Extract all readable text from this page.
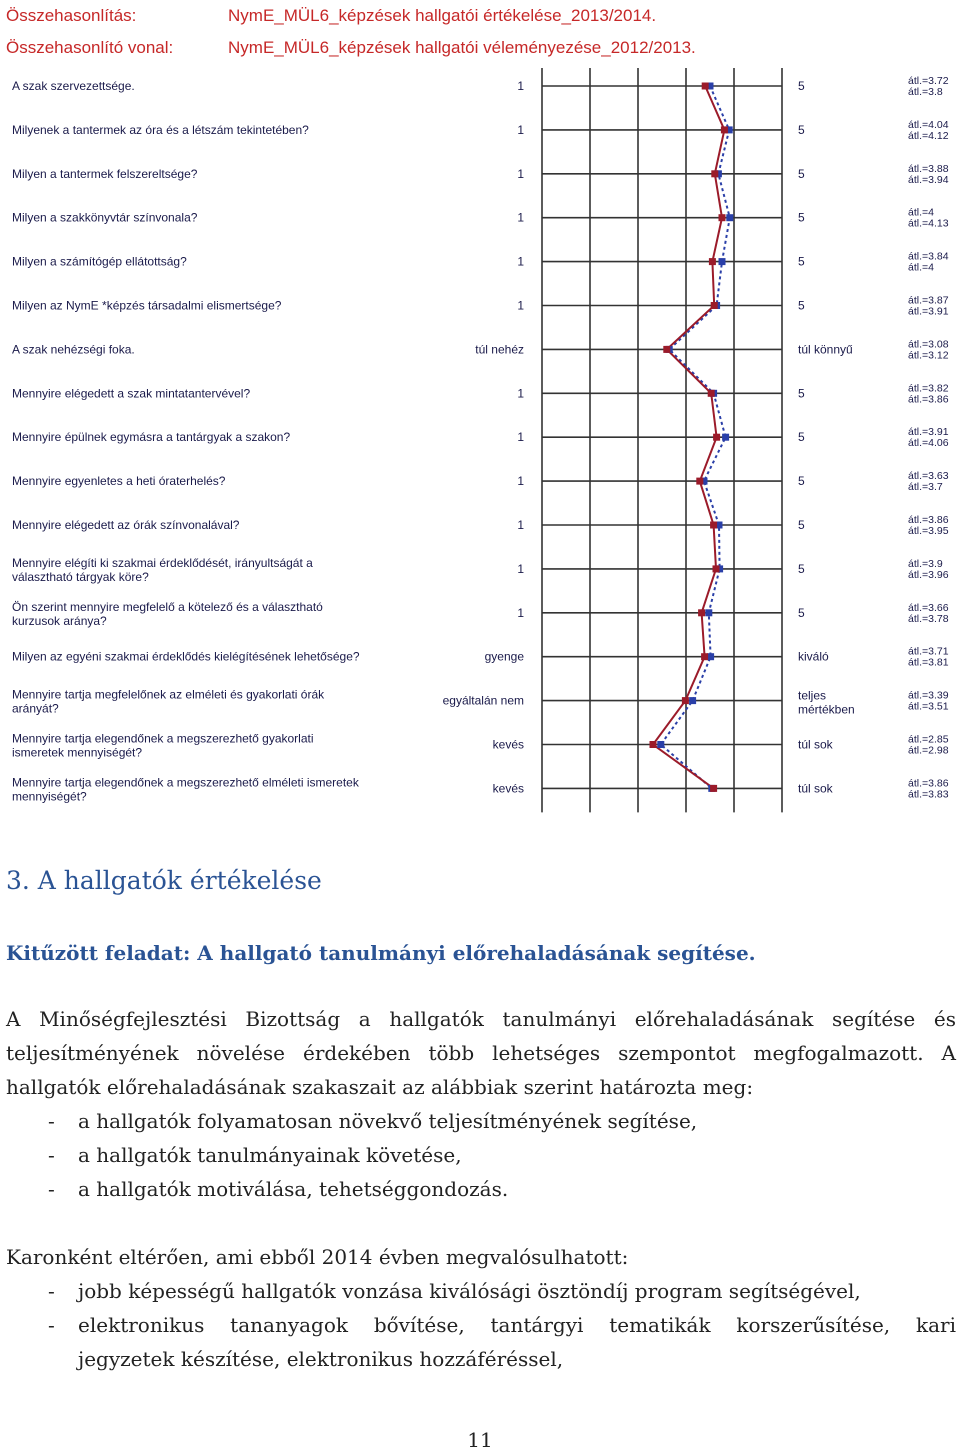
Összehasonlítás:	NymE_MÜL6_képzések hallgatói értékelése_2013/2014.
Összehasonlító vonal:	NymE_MÜL6_képzések hallgatói véleményezése_2012/2013.
A szak szervezettsége.	1	5	átl.=3.72
átl.=3.8
Milyenek a tantermek az óra és a létszám tekintetében?	1	5	átl.=4.04
átl.=4.12
Milyen a tantermek felszereltsége?	1	5	átl.=3.88
átl.=3.94
Milyen a szakkönyvtár színvonala?	1	5	átl.=4
átl.=4.13
Milyen a számítógép ellátottság?	1	5	átl.=3.84
átl.=4
Milyen az NymE *képzés társadalmi elismertsége?	1	5	átl.=3.87
átl.=3.91
A szak nehézségi foka.	túl nehéz	túl könnyű	átl.=3.08
átl.=3.12
Mennyire elégedett a szak mintatantervével?	1	5	átl.=3.82
átl.=3.86
Mennyire épülnek egymásra a tantárgyak a szakon?	1	5	átl.=3.91
átl.=4.06
Mennyire egyenletes a heti óraterhelés?	1	5	átl.=3.63
átl.=3.7
Mennyire elégedett az órák színvonalával?	1	5	átl.=3.86
átl.=3.95
Mennyire elégíti ki szakmai érdeklődését, irányultságát a
választható tárgyak köre?
1	5	átl.=3.9
átl.=3.96
Ön szerint mennyire megfelelő a kötelező és a választható
kurzusok aránya?
1	5	átl.=3.66
átl.=3.78
Milyen az egyéni szakmai érdeklődés kielégítésének lehetősége?	gyenge	kiváló	átl.=3.71
átl.=3.81
Mennyire tartja megfelelőnek az elméleti és gyakorlati órák
arányát?
egyáltalán nem	teljes
mértékben
átl.=3.39
átl.=3.51
Mennyire tartja elegendőnek a megszerezhető gyakorlati
ismeretek mennyiségét?
kevés	túl sok	átl.=2.85
átl.=2.98
Mennyire tartja elegendőnek a megszerezhető elméleti ismeretek
mennyiségét?
kevés	túl sok	átl.=3.86
átl.=3.83
3. A hallgatók értékelése
Kitűzött feladat: A hallgató tanulmányi előrehaladásának segítése.
A Minőségfejlesztési Bizottság a hallgatók tanulmányi előrehaladásának segítése és
teljesítményének növelése érdekében több lehetséges szempontot megfogalmazott. A
hallgatók előrehaladásának szakaszait az alábbiak szerint határozta meg:
-	a hallgatók folyamatosan növekvő teljesítményének segítése,
-	a hallgatók tanulmányainak követése,
-	a hallgatók motiválása, tehetséggondozás.
Karonként eltérően, ami ebből 2014 évben megvalósulhatott:
-	jobb képességű hallgatók vonzása kiválósági ösztöndíj program segítségével,
-	elektronikus tananyagok bővítése, tantárgyi tematikák korszerűsítése, kari
jegyzetek készítése, elektronikus hozzáféréssel,
11
